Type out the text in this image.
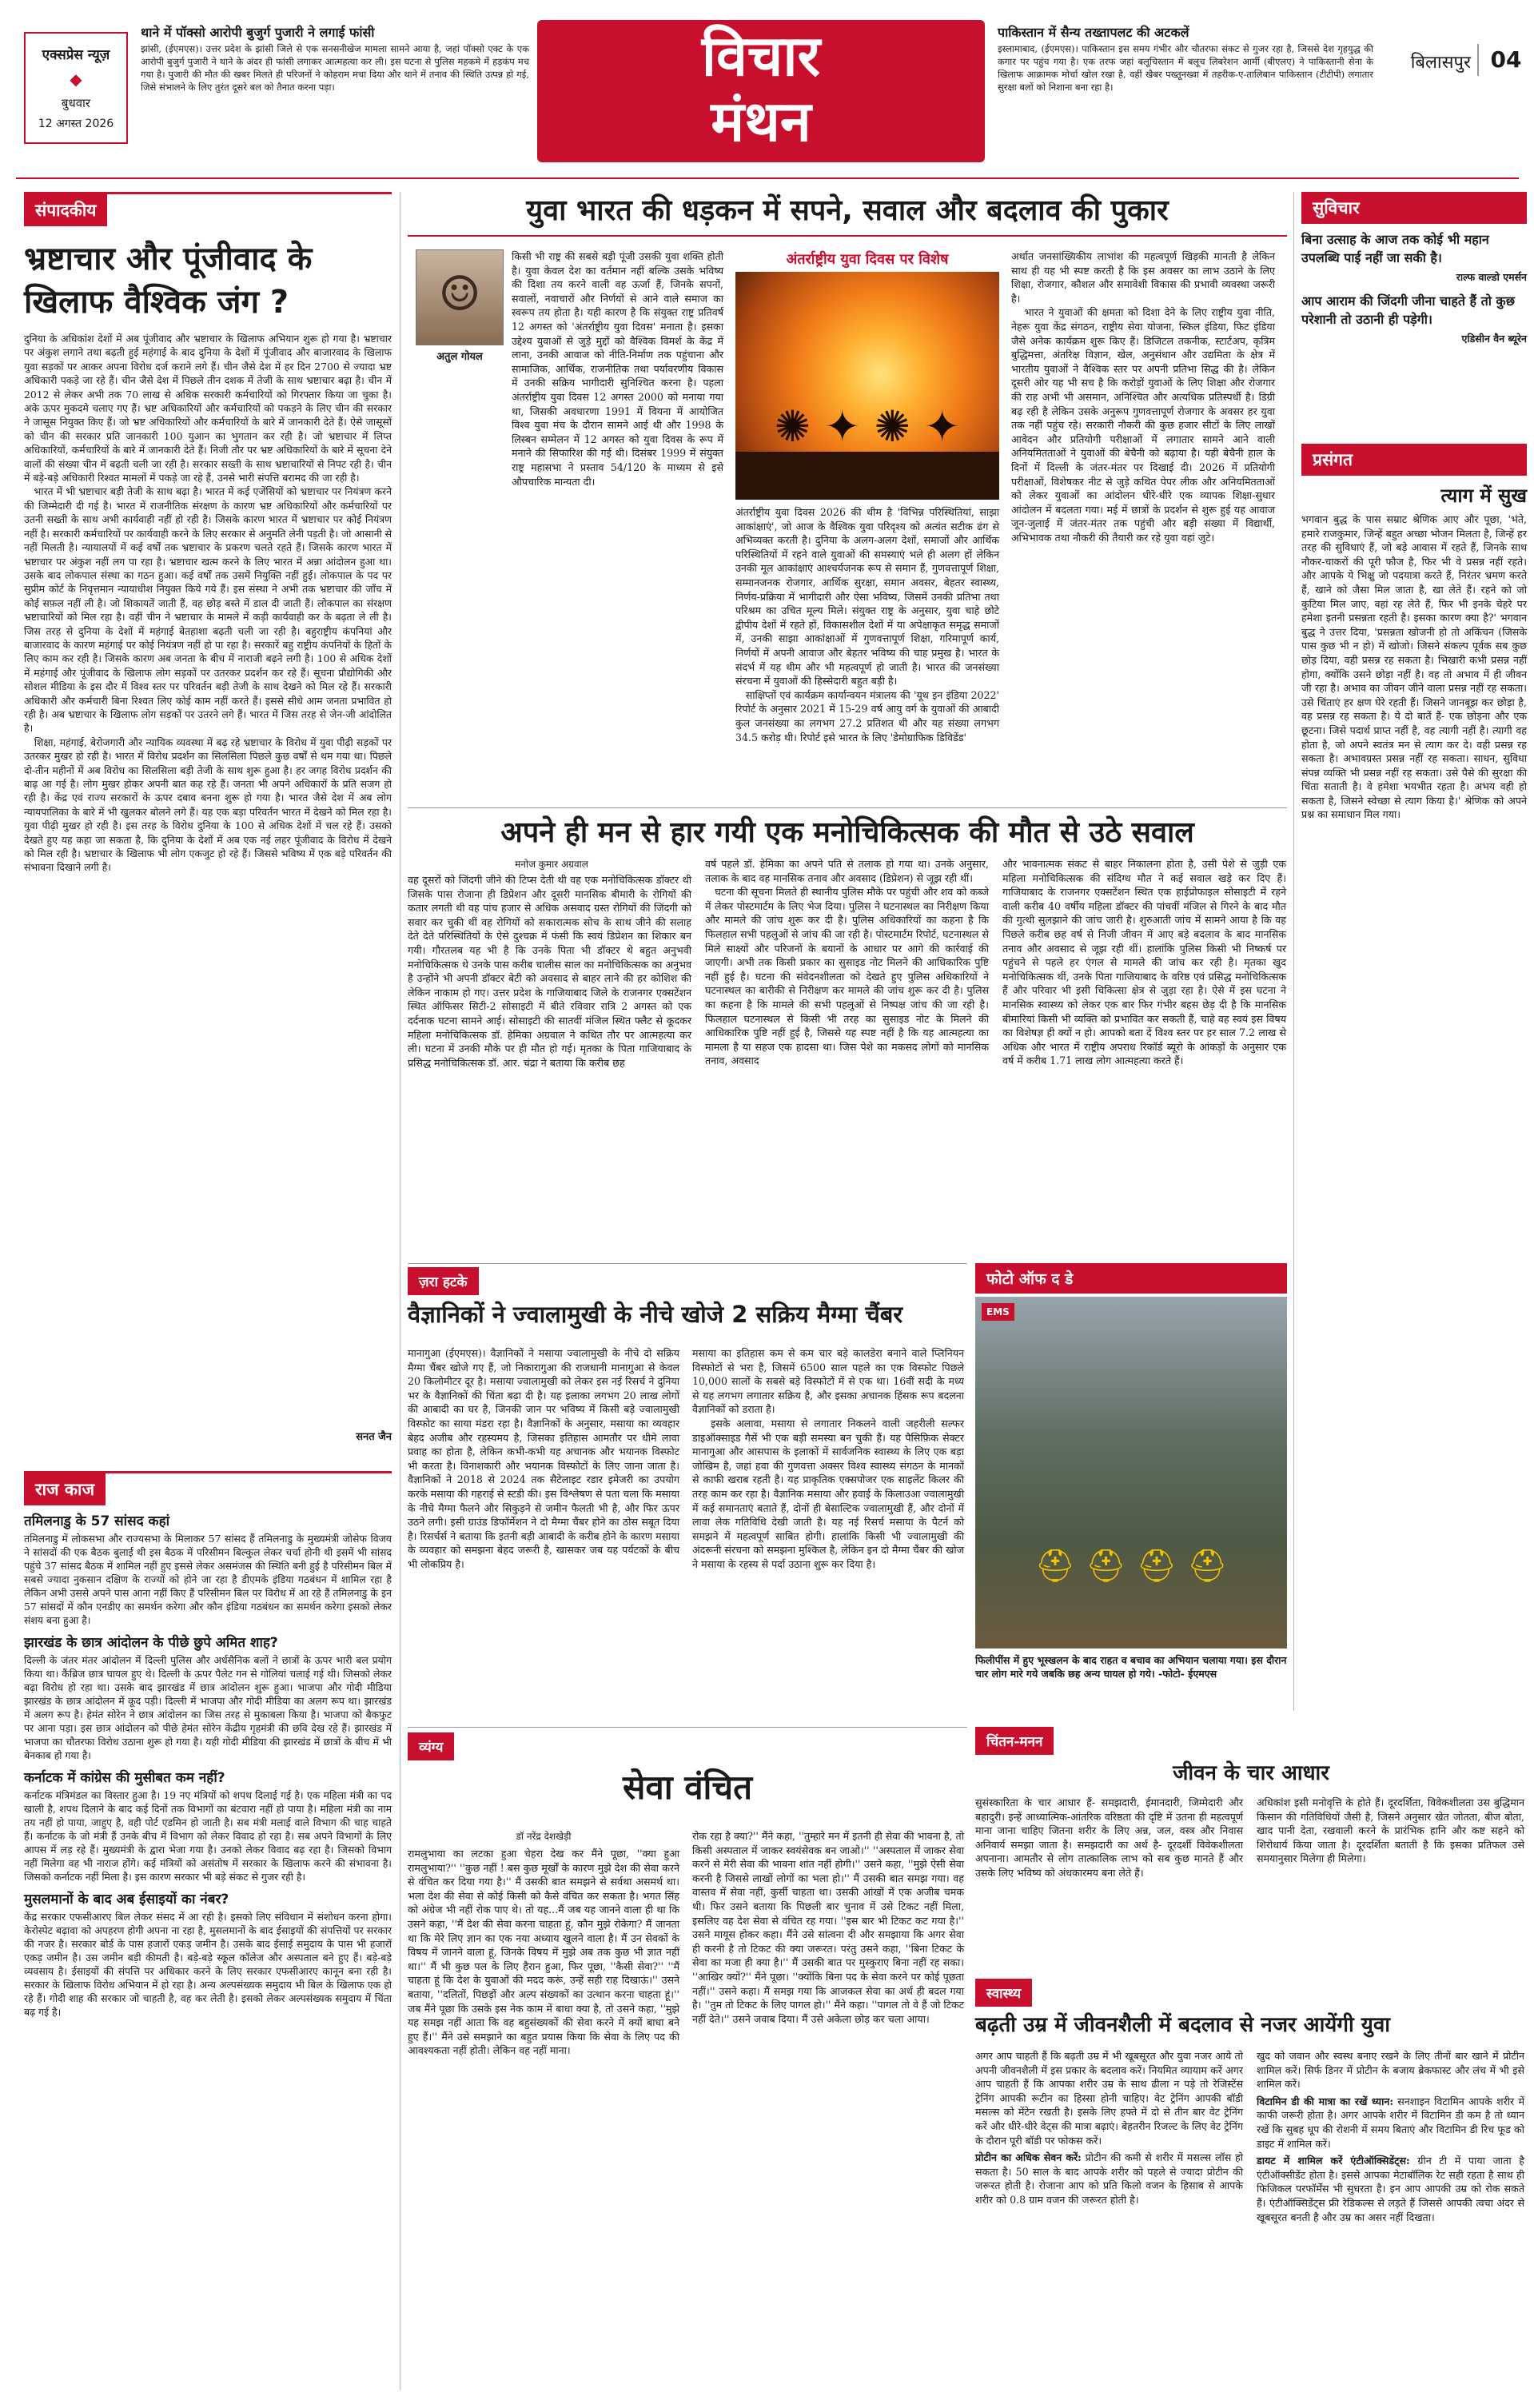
एक्सप्रेस न्यूज़
◆
बुधवार
12 अगस्त 2026
थाने में पॉक्सो आरोपी बुजुर्ग पुजारी ने लगाई फांसी
झांसी, (ईएमएस)। उत्तर प्रदेश के झांसी जिले से एक सनसनीखेज मामला सामने आया है, जहां पॉक्सो एक्ट के एक आरोपी बुजुर्ग पुजारी ने थाने के अंदर ही फांसी लगाकर आत्महत्या कर ली। इस घटना से पुलिस महकमे में हड़कंप मच गया है। पुजारी की मौत की खबर मिलते ही परिजनों ने कोहराम मचा दिया और थाने में तनाव की स्थिति उत्पन्न हो गई, जिसे संभालने के लिए तुरंत दूसरे बल को तैनात करना पड़ा।	विचार
मंथन
पाकिस्तान में सैन्य तख्तापलट की अटकलें
इस्लामाबाद, (ईएमएस)। पाकिस्तान इस समय गंभीर और चौतरफा संकट से गुजर रहा है, जिससे देश गृहयुद्ध की कगार पर पहुंच गया है। एक तरफ जहां बलूचिस्तान में बलूच लिबरेशन आर्मी (बीएलए) ने पाकिस्तानी सेना के खिलाफ आक्रामक मोर्चा खोल रखा है, वहीं खैबर पख्तूनख्वा में तहरीक-ए-तालिबान पाकिस्तान (टीटीपी) लगातार सुरक्षा बलों को निशाना बना रहा है।
बिलासपुर 04
संपादकीय
भ्रष्टाचार और पूंजीवाद के खिलाफ वैश्विक जंग ?
दुनिया के अधिकांश देशों में अब पूंजीवाद और भ्रष्टाचार के खिलाफ अभियान शुरू हो गया है। भ्रष्टाचार पर अंकुश लगाने तथा बढ़ती हुई महंगाई के बाद दुनिया के देशों में पूंजीवाद और बाजारवाद के खिलाफ युवा सड़कों पर आकर अपना विरोध दर्ज कराने लगे हैं। चीन जैसे देश में हर दिन 2700 से ज्यादा भ्रष्ट अधिकारी पकड़े जा रहे हैं। चीन जैसे देश में पिछले तीन दशक में तेजी के साथ भ्रष्टाचार बढ़ा है। चीन में 2012 से लेकर अभी तक 70 लाख से अधिक सरकारी कर्मचारियों को गिरफ्तार किया जा चुका है। अके ऊपर मुकदमे चलाए गए हैं। भ्रष्ट अधिकारियों और कर्मचारियों को पकड़ने के लिए चीन की सरकार ने जासूस नियुक्त किए हैं। जो भ्रष्ट अधिकारियों और कर्मचारियों के बारे में जानकारी देते हैं। ऐसे जासूसों को चीन की सरकार प्रति जानकारी 100 युआन का भुगतान कर रही है। जो भ्रष्टाचार में लिप्त अधिकारियों, कर्मचारियों के बारे में जानकारी देते हैं। निजी तौर पर भ्रष्ट अधिकारियों के बारे में सूचना देने वालों की संख्या चीन में बढ़ती चली जा रही है। सरकार सख्ती के साथ भ्रष्टाचारियों से निपट रही है। चीन में बड़े-बड़े अधिकारी रिश्वत मामलों में पकड़े जा रहे हैं, उनसे भारी संपत्ति बरामद की जा रही है।
भारत में भी भ्रष्टाचार बड़ी तेजी के साथ बढ़ा है। भारत में कई एजेंसियों को भ्रष्टाचार पर नियंत्रण करने की जिम्मेदारी दी गई है। भारत में राजनीतिक संरक्षण के कारण भ्रष्ट अधिकारियों और कर्मचारियों पर उतनी सख्ती के साथ अभी कार्यवाही नहीं हो रही है। जिसके कारण भारत में भ्रष्टाचार पर कोई नियंत्रण नहीं है। सरकारी कर्मचारियों पर कार्यवाही करने के लिए सरकार से अनुमति लेनी पड़ती है। जो आसानी से नहीं मिलती है। न्यायालयों में कई वर्षों तक भ्रष्टाचार के प्रकरण चलते रहते हैं। जिसके कारण भारत में भ्रष्टाचार पर अंकुश नहीं लग पा रहा है। भ्रष्टाचार खत्म करने के लिए भारत में अन्ना आंदोलन हुआ था। उसके बाद लोकपाल संस्था का गठन हुआ। कई वर्षों तक उसमें नियुक्ति नहीं हुई। लोकपाल के पद पर सुप्रीम कोर्ट के निवृत्तमान न्यायाधीश नियुक्त किये गये हैं। इस संस्था ने अभी तक भ्रष्टाचार की जाँच में कोई सफ़ल नहीं ली है। जो शिकायतें जाती हैं, वह छोड़ बस्ते में डाल दी जाती हैं। लोकपाल का संरक्षण भ्रष्टाचारियों को मिल रहा है। वहीं चीन ने भ्रष्टाचार के मामले में कड़ी कार्यवाही कर के बढ़ता ले ली है। जिस तरह से दुनिया के देशों में महंगाई बेतहाशा बढ़ती चली जा रही है। बहुराष्ट्रीय कंपनियां और बाजारवाद के कारण महंगाई पर कोई नियंत्रण नहीं हो पा रहा है। सरकारें बहु राष्ट्रीय कंपनियों के हितों के लिए काम कर रही है। जिसके कारण अब जनता के बीच में नाराजी बढ़ने लगी है। 100 से अधिक देशों में महंगाई और पूंजीवाद के खिलाफ लोग सड़कों पर उतरकर प्रदर्शन कर रहे हैं। सूचना प्रौद्योगिकी और सोशल मीडिया के इस दौर में विश्व स्तर पर परिवर्तन बड़ी तेजी के साथ देखने को मिल रहे हैं। सरकारी अधिकारी और कर्मचारी बिना रिश्वत लिए कोई काम नहीं करते हैं। इससे सीधे आम जनता प्रभावित हो रही है। अब भ्रष्टाचार के खिलाफ लोग सड़कों पर उतरने लगे हैं। भारत में जिस तरह से जेन-जी आंदोलित है।
शिक्षा, महंगाई, बेरोजगारी और न्यायिक व्यवस्था में बढ़ रहे भ्रष्टाचार के विरोध में युवा पीढ़ी सड़कों पर उतरकर मुखर हो रही है। भारत में विरोध प्रदर्शन का सिलसिला पिछले कुछ वर्षों से थम गया था। पिछले दो-तीन महीनों में अब विरोध का सिलसिला बड़ी तेजी के साथ शुरू हुआ है। हर जगह विरोध प्रदर्शन की बाढ़ आ गई है। लोग मुखर होकर अपनी बात कह रहे हैं। जनता भी अपने अधिकारों के प्रति सजग हो रही है। केंद्र एवं राज्य सरकारों के ऊपर दबाव बनना शुरू हो गया है। भारत जैसे देश में अब लोग न्यायपालिका के बारे में भी खुलकर बोलने लगे हैं। यह एक बड़ा परिवर्तन भारत में देखने को मिल रहा है। युवा पीढ़ी मुखर हो रही है। इस तरह के विरोध दुनिया के 100 से अधिक देशों में चल रहे हैं। उसको देखते हुए यह कहा जा सकता है, कि दुनिया के देशों में अब एक नई लहर पूंजीवाद के विरोध में देखने को मिल रही है। भ्रष्टाचार के खिलाफ भी लोग एकजुट हो रहे हैं। जिससे भविष्य में एक बड़े परिवर्तन की संभावना दिखाने लगी है।
सनत जैन
राज काज
तमिलनाडु के 57 सांसद कहां
तमिलनाडु में लोकसभा और राज्यसभा के मिलाकर 57 सांसद हैं तमिलनाडु के मुख्यमंत्री जोसेफ विजय ने सांसदों की एक बैठक बुलाई थी इस बैठक में परिसीमन बिल्कुल लेकर चर्चा होनी थी इसमें भी सांसद पहुंचे 37 सांसद बैठक में शामिल नहीं हुए इससे लेकर असमंजस की स्थिति बनी हुई है परिसीमन बिल में सबसे ज्यादा नुकसान दक्षिण के राज्यों को होने जा रहा है डीएमके इंडिया गठबंधन में शामिल रहा है लेकिन अभी उससे अपने पास आना नहीं किए हैं परिसीमन बिल पर विरोध में आ रहे हैं तमिलनाडु के इन 57 सांसदों में कौन एनडीए का समर्थन करेगा और कौन इंडिया गठबंधन का समर्थन करेगा इसको लेकर संशय बना हुआ है।
झारखंड के छात्र आंदोलन के पीछे छुपे अमित शाह?
दिल्ली के जंतर मंतर आंदोलन में दिल्ली पुलिस और अर्धसैनिक बलों ने छात्रों के ऊपर भारी बल प्रयोग किया था। कैंब्रिज छात्र घायल हुए थे। दिल्ली के ऊपर पैलेट गन से गोलियां चलाई गई थी। जिसको लेकर बढ़ा विरोध हो रहा था। उसके बाद झारखंड में छात्र आंदोलन शुरू हुआ। भाजपा और गोदी मीडिया झारखंड के छात्र आंदोलन में कूद पड़ी। दिल्ली में भाजपा और गोदी मीडिया का अलग रूप था। झारखंड में अलग रूप है। हेमंत सोरेन ने छात्र आंदोलन का जिस तरह से मुकाबला किया है। भाजपा को बैकफुट पर आना पड़ा। इस छात्र आंदोलन को पीछे हेमंत सोरेन केंद्रीय गृहमंत्री की छवि देख रहे हैं। झारखंड में भाजपा का चौतरफा विरोध उठाना शुरू हो गया है। यही गोदी मीडिया की झारखंड में छात्रों के बीच में भी बेनकाब हो गया है।
कर्नाटक में कांग्रेस की मुसीबत कम नहीं?
कर्नाटक मंत्रिमंडल का विस्तार हुआ है। 19 नए मंत्रियों को शपथ दिलाई गई है। एक महिला मंत्री का पद खाली है, शपथ दिलाने के बाद कई दिनों तक विभागों का बंटवारा नहीं हो पाया है। महिला मंत्री का नाम तय नहीं हो पाया, जाहुए है, वही पोर्ट एडमिन हो जाती है। सब मंत्री मलाई वाले विभाग की चाह चाहते हैं। कर्नाटक के जो मंत्री हैं उनके बीच में विभाग को लेकर विवाद हो रहा है। सब अपने विभागों के लिए आपस में लड़ रहे हैं। मुख्यमंत्री के द्वारा भेजा गया है। उनको लेकर विवाद बढ़ रहा है। जिसको विभाग नहीं मिलेगा वह भी नाराज होंगे। कई मंत्रियों को असंतोष में सरकार के खिलाफ करने की संभावना है। जिसको कर्नाटक नहीं मिला है। इस कारण सरकार भी बड़े संकट से गुजर रही है।
मुसलमानों के बाद अब ईसाइयों का नंबर?
केंद्र सरकार एफसीआरए बिल लेकर संसद में आ रही है। इसको लिए संविधान में संशोधन करना होगा। केरोस्पेट बढ़ावा को अपहरण होगी अपना ना रहा है, मुसलमानों के बाद ईसाइयों की संपत्तियों पर सरकार की नजर है। सरकार बोर्ड के पास हजारों एकड़ जमीन है। उसके बाद ईसाई समुदाय के पास भी हजारों एकड़ जमीन है। उस जमीन बड़ी कीमती है। बड़े-बड़े स्कूल कॉलेज और अस्पताल बने हुए हैं। बड़े-बड़े व्यवसाय है। ईसाइयों की संपत्ति पर अधिकार करने के लिए सरकार एफसीआरए कानून बना रही है। सरकार के खिलाफ विरोध अभियान में हो रहा है। अन्य अल्पसंख्यक समुदाय भी बिल के खिलाफ एक हो रहे हैं। गोदी शाह की सरकार जो चाहती है, वह कर लेती है। इसको लेकर अल्पसंख्यक समुदाय में चिंता बढ़ गई है।
युवा भारत की धड़कन में सपने, सवाल और बदलाव की पुकार
☺
अतुल गोयल
किसी भी राष्ट्र की सबसे बड़ी पूंजी उसकी युवा शक्ति होती है। युवा केवल देश का वर्तमान नहीं बल्कि उसके भविष्य की दिशा तय करने वाली वह ऊर्जा हैं, जिनके सपनों, सवालों, नवाचारों और निर्णयों से आने वाले समाज का स्वरूप तय होता है। यही कारण है कि संयुक्त राष्ट्र प्रतिवर्ष 12 अगस्त को 'अंतर्राष्ट्रीय युवा दिवस' मनाता है। इसका उद्देश्य युवाओं से जुड़े मुद्दों को वैश्विक विमर्श के केंद्र में लाना, उनकी आवाज को नीति-निर्माण तक पहुंचाना और सामाजिक, आर्थिक, राजनीतिक तथा पर्यावरणीय विकास में उनकी सक्रिय भागीदारी सुनिश्चित करना है। पहला अंतर्राष्ट्रीय युवा दिवस 12 अगस्त 2000 को मनाया गया था, जिसकी अवधारणा 1991 में वियना में आयोजित विश्व युवा मंच के दौरान सामने आई थी और 1998 के लिस्बन सम्मेलन में 12 अगस्त को युवा दिवस के रूप में मनाने की सिफारिश की गई थी। दिसंबर 1999 में संयुक्त राष्ट्र महासभा ने प्रस्ताव 54/120 के माध्यम से इसे औपचारिक मान्यता दी।
अंतर्राष्ट्रीय युवा दिवस पर विशेष
✺ ✦ ✺ ✦
अंतर्राष्ट्रीय युवा दिवस 2026 की थीम है 'विभिन्न परिस्थितियां, साझा आकांक्षाएं', जो आज के वैश्विक युवा परिदृश्य को अत्यंत सटीक ढंग से अभिव्यक्त करती है। दुनिया के अलग-अलग देशों, समाजों और आर्थिक परिस्थितियों में रहने वाले युवाओं की समस्याएं भले ही अलग हों लेकिन उनकी मूल आकांक्षाएं आश्चर्यजनक रूप से समान हैं, गुणवत्तापूर्ण शिक्षा, सम्मानजनक रोजगार, आर्थिक सुरक्षा, समान अवसर, बेहतर स्वास्थ्य, निर्णय-प्रक्रिया में भागीदारी और ऐसा भविष्य, जिसमें उनकी प्रतिभा तथा परिश्रम का उचित मूल्य मिले। संयुक्त राष्ट्र के अनुसार, युवा चाहे छोटे द्वीपीय देशों में रहते हों, विकासशील देशों में या अपेक्षाकृत समृद्ध समाजों में, उनकी साझा आकांक्षाओं में गुणवत्तापूर्ण शिक्षा, गरिमापूर्ण कार्य, निर्णयों में अपनी आवाज और बेहतर भविष्य की चाह प्रमुख है। भारत के संदर्भ में यह थीम और भी महत्वपूर्ण हो जाती है। भारत की जनसंख्या संरचना में युवाओं की हिस्सेदारी बहुत बड़ी है।
साक्षिप्तों एवं कार्यक्रम कार्यान्वयन मंत्रालय की 'यूथ इन इंडिया 2022' रिपोर्ट के अनुसार 2021 में 15-29 वर्ष आयु वर्ग के युवाओं की आबादी कुल जनसंख्या का लगभग 27.2 प्रतिशत थी और यह संख्या लगभग 34.5 करोड़ थी। रिपोर्ट इसे भारत के लिए 'डेमोग्राफिक डिविडेंड'
अर्थात जनसांख्यिकीय लाभांश की महत्वपूर्ण खिड़की मानती है लेकिन साथ ही यह भी स्पष्ट करती है कि इस अवसर का लाभ उठाने के लिए शिक्षा, रोजगार, कौशल और समावेशी विकास की प्रभावी व्यवस्था जरूरी है।
भारत ने युवाओं की क्षमता को दिशा देने के लिए राष्ट्रीय युवा नीति, नेहरू युवा केंद्र संगठन, राष्ट्रीय सेवा योजना, स्किल इंडिया, फिट इंडिया जैसे अनेक कार्यक्रम शुरू किए हैं। डिजिटल तकनीक, स्टार्टअप, कृत्रिम बुद्धिमत्ता, अंतरिक्ष विज्ञान, खेल, अनुसंधान और उद्यमिता के क्षेत्र में भारतीय युवाओं ने वैश्विक स्तर पर अपनी प्रतिभा सिद्ध की है। लेकिन दूसरी ओर यह भी सच है कि करोड़ों युवाओं के लिए शिक्षा और रोजगार की राह अभी भी असमान, अनिश्चित और अत्यधिक प्रतिस्पर्धी है। डिग्री बढ़ रही है लेकिन उसके अनुरूप गुणवत्तापूर्ण रोजगार के अवसर हर युवा तक नहीं पहुंच रहे। सरकारी नौकरी की कुछ हजार सीटों के लिए लाखों आवेदन और प्रतियोगी परीक्षाओं में लगातार सामने आने वाली अनियमितताओं ने युवाओं की बेचैनी को बढ़ाया है। यही बेचैनी हाल के दिनों में दिल्ली के जंतर-मंतर पर दिखाई दी। 2026 में प्रतियोगी परीक्षाओं, विशेषकर नीट से जुड़े कथित पेपर लीक और अनियमितताओं को लेकर युवाओं का आंदोलन धीरे-धीरे एक व्यापक शिक्षा-सुधार आंदोलन में बदलता गया। मई में छात्रों के प्रदर्शन से शुरू हुई यह आवाज जून-जुलाई में जंतर-मंतर तक पहुंची और बड़ी संख्या में विद्यार्थी, अभिभावक तथा नौकरी की तैयारी कर रहे युवा वहां जुटे।
अपने ही मन से हार गयी एक मनोचिकित्सक की मौत से उठे सवाल
मनोज कुमार अग्रवाल
वह दूसरों को जिंदगी जीने की टिप्स देती थी वह एक मनोचिकित्सक डॉक्टर थी जिसके पास रोजाना ही डिप्रेशन और दूसरी मानसिक बीमारी के रोगियों की कतार लगती थी वह पांच हजार से अधिक असवाद ग्रस्त रोगियों की जिंदगी को सवार कर चुकी थीं वह रोगियों को सकारात्मक सोच के साथ जीने की सलाह देते देते परिस्थितियों के ऐसे दुश्चक्र में फंसी कि स्वयं डिप्रेशन का शिकार बन गयी। गौरतलब यह भी है कि उनके पिता भी डॉक्टर थे बहुत अनुभवी मनोचिकित्सक थे उनके पास करीब चालीस साल का मनोचिकित्सक का अनुभव है उन्होंने भी अपनी डॉक्टर बेटी को अवसाद से बाहर लाने की हर कोशिश की लेकिन नाकाम हो गए। उत्तर प्रदेश के गाजियाबाद जिले के राजनगर एक्सटेंशन स्थित ऑफिसर सिटी-2 सोसाइटी में बीते रविवार रात्रि 2 अगस्त को एक दर्दनाक घटना सामने आई। सोसाइटी की सातवीं मंजिल स्थित फ्लैट से कूदकर महिला मनोचिकित्सक डॉ. हेमिका अग्रवाल ने कथित तौर पर आत्महत्या कर ली। घटना में उनकी मौके पर ही मौत हो गई। मृतका के पिता गाजियाबाद के प्रसिद्ध मनोचिकित्सक डॉ. आर. चंद्रा ने बताया कि करीब छह
वर्ष पहले डॉ. हेमिका का अपने पति से तलाक हो गया था। उनके अनुसार, तलाक के बाद वह मानसिक तनाव और अवसाद (डिप्रेशन) से जूझ रही थीं।
घटना की सूचना मिलते ही स्थानीय पुलिस मौके पर पहुंची और शव को कब्जे में लेकर पोस्टमार्टम के लिए भेज दिया। पुलिस ने घटनास्थल का निरीक्षण किया और मामले की जांच शुरू कर दी है। पुलिस अधिकारियों का कहना है कि फिलहाल सभी पहलुओं से जांच की जा रही है। पोस्टमार्टम रिपोर्ट, घटनास्थल से मिले साक्ष्यों और परिजनों के बयानों के आधार पर आगे की कार्रवाई की जाएगी। अभी तक किसी प्रकार का सुसाइड नोट मिलने की आधिकारिक पुष्टि नहीं हुई है। घटना की संवेदनशीलता को देखते हुए पुलिस अधिकारियों ने घटनास्थल का बारीकी से निरीक्षण कर मामले की जांच शुरू कर दी है। पुलिस का कहना है कि मामले की सभी पहलुओं से निष्पक्ष जांच की जा रही है। फिलहाल घटनास्थल से किसी भी तरह का सुसाइड नोट के मिलने की आधिकारिक पुष्टि नहीं हुई है, जिससे यह स्पष्ट नहीं है कि यह आत्महत्या का मामला है या सहज एक हादसा था। जिस पेशे का मकसद लोगों को मानसिक तनाव, अवसाद
और भावनात्मक संकट से बाहर निकालना होता है, उसी पेशे से जुड़ी एक महिला मनोचिकित्सक की संदिग्ध मौत ने कई सवाल खड़े कर दिए हैं। गाजियाबाद के राजनगर एक्सटेंशन स्थित एक हाईप्रोफाइल सोसाइटी में रहने वाली करीब 40 वर्षीय महिला डॉक्टर की पांचवीं मंजिल से गिरने के बाद मौत की गुत्थी सुलझाने की जांच जारी है। शुरुआती जांच में सामने आया है कि वह पिछले करीब छह वर्ष से निजी जीवन में आए बड़े बदलाव के बाद मानसिक तनाव और अवसाद से जूझ रही थीं। हालांकि पुलिस किसी भी निष्कर्ष पर पहुंचने से पहले हर एंगल से मामले की जांच कर रही है। मृतका खुद मनोचिकित्सक थीं, उनके पिता गाजियाबाद के वरिष्ठ एवं प्रसिद्ध मनोचिकित्सक हैं और परिवार भी इसी चिकित्सा क्षेत्र से जुड़ा रहा है। ऐसे में इस घटना ने मानसिक स्वास्थ्य को लेकर एक बार फिर गंभीर बहस छेड़ दी है कि मानसिक बीमारियां किसी भी व्यक्ति को प्रभावित कर सकती हैं, चाहे वह स्वयं इस विषय का विशेषज्ञ ही क्यों न हो। आपको बता दें विश्व स्तर पर हर साल 7.2 लाख से अधिक और भारत में राष्ट्रीय अपराध रिकॉर्ड ब्यूरो के आंकड़ों के अनुसार एक वर्ष में करीब 1.71 लाख लोग आत्महत्या करते हैं।
ज़रा हटके
वैज्ञानिकों ने ज्वालामुखी के नीचे खोजे 2 सक्रिय मैग्मा चैंबर
मानागुआ (ईएमएस)। वैज्ञानिकों ने मसाया ज्वालामुखी के नीचे दो सक्रिय मैग्मा चैंबर खोजे गए हैं, जो निकारागुआ की राजधानी मानागुआ से केवल 20 किलोमीटर दूर है। मसाया ज्वालामुखी को लेकर इस नई रिसर्च ने दुनिया भर के वैज्ञानिकों की चिंता बढ़ा दी है। यह इलाका लगभग 20 लाख लोगों की आबादी का घर है, जिनकी जान पर भविष्य में किसी बड़े ज्वालामुखी विस्फोट का साया मंडरा रहा है। वैज्ञानिकों के अनुसार, मसाया का व्यवहार बेहद अजीब और रहस्यमय है, जिसका इतिहास आमतौर पर धीमे लावा प्रवाह का होता है, लेकिन कभी-कभी यह अचानक और भयानक विस्फोट भी करता है। विनाशकारी और भयानक विस्फोटों के लिए जाना जाता है। वैज्ञानिकों ने 2018 से 2024 तक सैटेलाइट रडार इमेजरी का उपयोग करके मसाया की गहराई से स्टडी की। इस विश्लेषण से पता चला कि मसाया के नीचे मैग्मा फैलने और सिकुड़ने से जमीन फैलती भी है, और फिर ऊपर उठने लगी। इसी ग्राउंड डिफॉर्मेशन ने दो मैग्मा चैंबर होने का ठोस सबूत दिया है। रिसर्चर्स ने बताया कि इतनी बड़ी आबादी के करीब होने के कारण मसाया के व्यवहार को समझना बेहद जरूरी है, खासकर जब यह पर्यटकों के बीच भी लोकप्रिय है।
मसाया का इतिहास कम से कम चार बड़े कालडेरा बनाने वाले प्लिनियन विस्फोटों से भरा है, जिसमें 6500 साल पहले का एक विस्फोट पिछले 10,000 सालों के सबसे बड़े विस्फोटों में से एक था। 16वीं सदी के मध्य से यह लगभग लगातार सक्रिय है, और इसका अचानक हिंसक रूप बदलना वैज्ञानिकों को डराता है।
इसके अलावा, मसाया से लगातार निकलने वाली जहरीली सल्फर डाइऑक्साइड गैसें भी एक बड़ी समस्या बन चुकी हैं। यह पैसिफ़िक सेक्टर मानागुआ और आसपास के इलाकों में सार्वजनिक स्वास्थ्य के लिए एक बड़ा जोखिम है, जहां हवा की गुणवत्ता अक्सर विश्व स्वास्थ्य संगठन के मानकों से काफी खराब रहती है। यह प्राकृतिक एक्सपोजर एक साइलेंट किलर की तरह काम कर रहा है। वैज्ञानिक मसाया और हवाई के किलाउआ ज्वालामुखी में कई समानताएं बताते हैं, दोनों ही बेसाल्टिक ज्वालामुखी हैं, और दोनों में लावा लेक गतिविधि देखी जाती है। यह नई रिसर्च मसाया के पैटर्न को समझने में महत्वपूर्ण साबित होगी। हालांकि किसी भी ज्वालामुखी की अंदरूनी संरचना को समझना मुश्किल है, लेकिन इन दो मैग्मा चैंबर की खोज ने मसाया के रहस्य से पर्दा उठाना शुरू कर दिया है।
फोटो ऑफ द डे
EMS
⛑ ⛑ ⛑ ⛑
फिलीपींस में हुए भूस्खलन के बाद राहत व बचाव का अभियान चलाया गया। इस दौरान चार लोग मारे गये जबकि छह अन्य घायल हो गये। -फोटो- ईएमएस
व्यंग्य
सेवा वंचित
डॉ नरेंद्र देशखेड़ी
रामलुभाया का लटका हुआ चेहरा देख कर मैंने पूछा, ''क्या हुआ रामलुभाया?'' ''कुछ नहीं ! बस कुछ मूर्खों के कारण मुझे देश की सेवा करने से वंचित कर दिया गया है।'' मैं उसकी बात समझने से सर्वथा असमर्थ था। भला देश की सेवा से कोई किसी को कैसे वंचित कर सकता है। भगत सिंह को अंग्रेज भी नहीं रोक पाए थे। तो यह...मैं जब यह जानने वाला ही था कि उसने कहा, ''मैं देश की सेवा करना चाहता हूं, कौन मुझे रोकेगा? मैं जानता था कि मेरे लिए ज्ञान का एक नया अध्याय खुलने वाला है। मैं उन सेवकों के विषय में जानने वाला हूं, जिनके विषय में मुझे अब तक कुछ भी ज्ञात नहीं था।'' मैं भी कुछ पल के लिए हैरान हुआ, फिर पूछा, ''कैसी सेवा?'' ''मैं चाहता हूं कि देश के युवाओं की मदद करूं, उन्हें सही राह दिखाऊं।'' उसने बताया, ''दलितों, पिछड़ों और अल्प संख्यकों का उत्थान करना चाहता हूं।'' जब मैंने पूछा कि उसके इस नेक काम में बाधा क्या है, तो उसने कहा, ''मुझे यह समझ नहीं आता कि वह बहुसंख्यकों की सेवा करने में क्यों बाधा बने हुए हैं।'' मैंने उसे समझाने का बहुत प्रयास किया कि सेवा के लिए पद की आवश्यकता नहीं होती। लेकिन वह नहीं माना।
रोक रहा है क्या?'' मैंने कहा, ''तुम्हारे मन में इतनी ही सेवा की भावना है, तो किसी अस्पताल में जाकर स्वयंसेवक बन जाओ।'' ''अस्पताल में जाकर सेवा करने से मेरी सेवा की भावना शांत नहीं होगी।'' उसने कहा, ''मुझे ऐसी सेवा करनी है जिससे लाखों लोगों का भला हो।'' मैं उसकी बात समझ गया। वह वास्तव में सेवा नहीं, कुर्सी चाहता था। उसकी आंखों में एक अजीब चमक थी। फिर उसने बताया कि पिछली बार चुनाव में उसे टिकट नहीं मिला, इसलिए वह देश सेवा से वंचित रह गया। ''इस बार भी टिकट कट गया है।'' उसने मायूस होकर कहा। मैंने उसे सांत्वना दी और समझाया कि अगर सेवा ही करनी है तो टिकट की क्या जरूरत। परंतु उसने कहा, ''बिना टिकट के सेवा का मजा ही क्या है।'' मैं उसकी बात पर मुस्कुराए बिना नहीं रह सका। ''आखिर क्यों?'' मैंने पूछा। ''क्योंकि बिना पद के सेवा करने पर कोई पूछता नहीं।'' उसने कहा। मैं समझ गया कि आजकल सेवा का अर्थ ही बदल गया है। ''तुम तो टिकट के लिए पागल हो।'' मैंने कहा। ''पागल तो वे हैं जो टिकट नहीं देते।'' उसने जवाब दिया। मैं उसे अकेला छोड़ कर चला आया।
चिंतन-मनन
जीवन के चार आधार
सुसंस्कारिता के चार आधार हैं- समझदारी, ईमानदारी, जिम्मेदारी और बहादुरी। इन्हें आध्यात्मिक-आंतरिक वरिष्ठता की दृष्टि में उतना ही महत्वपूर्ण माना जाना चाहिए जितना शरीर के लिए अन्न, जल, वस्त्र और निवास अनिवार्य समझा जाता है। समझदारी का अर्थ है- दूरदर्शी विवेकशीलता अपनाना। आमतौर से लोग तात्कालिक लाभ को सब कुछ मानते हैं और उसके लिए भविष्य को अंधकारमय बना लेते हैं।
अधिकांश इसी मनोवृत्ति के होते हैं। दूरदर्शिता, विवेकशीलता उस बुद्धिमान किसान की गतिविधियों जैसी है, जिसने अनुसार खेत जोतता, बीज बोता, खाद पानी देता, रखवाली करने के प्रारंभिक हानि और कष्ट सहने को शिरोधार्य किया जाता है। दूरदर्शिता बताती है कि इसका प्रतिफल उसे समयानुसार मिलेगा ही मिलेगा।
स्वास्थ्य
बढ़ती उम्र में जीवनशैली में बदलाव से नजर आयेंगी युवा
अगर आप चाहती हैं कि बढ़ती उम्र में भी खूबसूरत और युवा नजर आये तो अपनी जीवनशैली में इस प्रकार के बदलाव करें। नियमित व्यायाम करें अगर आप चाहती हैं कि आपका शरीर उम्र के साथ ढीला न पड़े तो रेजिस्टेंस ट्रेनिंग आपकी रूटीन का हिस्सा होनी चाहिए। वेट ट्रेनिंग आपकी बॉडी मसल्स को मेंटेन रखती है। इसके लिए हफ्ते में दो से तीन बार वेट ट्रेनिंग करें और धीरे-धीरे वेट्स की मात्रा बढ़ाएं। बेहतरीन रिजल्ट के लिए वेट ट्रेनिंग के दौरान पूरी बॉडी पर फोकस करें।
प्रोटीन का अधिक सेवन करें: प्रोटीन की कमी से शरीर में मसल्स लॉस हो सकता है। 50 साल के बाद आपके शरीर को पहले से ज्यादा प्रोटीन की जरूरत होती है। रोजाना आप को प्रति किलो वजन के हिसाब से आपके शरीर को 0.8 ग्राम वजन की जरूरत होती है।
खुद को जवान और स्वस्थ बनाए रखने के लिए तीनों बार खाने में प्रोटीन शामिल करें। सिर्फ डिनर में प्रोटीन के बजाय ब्रेकफास्ट और लंच में भी इसे शामिल करें।
विटामिन डी की मात्रा का रखें ध्यान: सनशाइन विटामिन आपके शरीर में काफी जरूरी होता है। अगर आपके शरीर में विटामिन डी कम है तो ध्यान रखें कि सुबह धूप की रोशनी में समय बिताएं और विटामिन डी रिच फूड को डाइट में शामिल करें।
डायट में शामिल करें एंटीऑक्सिडेंट्स: ग्रीन टी में पाया जाता है एंटीऑक्सीडेंट होता है। इससे आपका मेटाबॉलिक रेट सही रहता है साथ ही फिजिकल परफॉर्मेंस भी सुधरता है। इन आप आपकी उम्र को रोक सकते हैं। एंटीऑक्सिडेंट्स फ्री रेडिकल्स से लड़ते हैं जिससे आपकी त्वचा अंदर से खूबसूरत बनती है और उम्र का असर नहीं दिखता।
सुविचार
बिना उत्साह के आज तक कोई भी महान उपलब्धि पाई नहीं जा सकी है।
राल्फ वाल्डो एमर्सन
आप आराम की जिंदगी जीना चाहते हैं तो कुछ परेशानी तो उठानी ही पड़ेगी।
एडिसीन वैन ब्यूरेन
प्रसंगत
त्याग में सुख
भगवान बुद्ध के पास सम्राट श्रेणिक आए और पूछा, 'भंते, हमारे राजकुमार, जिन्हें बहुत अच्छा भोजन मिलता है, जिन्हें हर तरह की सुविधाएं हैं, जो बड़े आवास में रहते हैं, जिनके साथ नौकर-चाकरों की पूरी फौज है, फिर भी वे प्रसन्न नहीं रहते। और आपके ये भिक्षु जो पदयात्रा करते हैं, निरंतर भ्रमण करते हैं, खाने को जैसा मिल जाता है, खा लेते हैं। रहने को जो कुटिया मिल जाए, वहां रह लेते हैं, फिर भी इनके चेहरे पर हमेशा इतनी प्रसन्नता रहती है। इसका कारण क्या है?' भगवान बुद्ध ने उत्तर दिया, 'प्रसन्नता खोजनी हो तो अकिंचन (जिसके पास कुछ भी न हो) में खोजो। जिसने संकल्प पूर्वक सब कुछ छोड़ दिया, वही प्रसन्न रह सकता है। भिखारी कभी प्रसन्न नहीं होगा, क्योंकि उसने छोड़ा नहीं है। वह तो अभाव में ही जीवन जी रहा है। अभाव का जीवन जीने वाला प्रसन्न नहीं रह सकता। उसे चिंताएं हर क्षण घेरे रहती हैं। जिसने जानबूझ कर छोड़ा है, वह प्रसन्न रह सकता है। ये दो बातें हैं- एक छोड़ना और एक छूटना। जिसे पदार्थ प्राप्त नहीं है, वह त्यागी नहीं है। त्यागी वह होता है, जो अपने स्वतंत्र मन से त्याग कर दे। वही प्रसन्न रह सकता है। अभावग्रस्त प्रसन्न नहीं रह सकता। साधन, सुविधा संपन्न व्यक्ति भी प्रसन्न नहीं रह सकता। उसे पैसे की सुरक्षा की चिंता सताती है। वे हमेशा भयभीत रहता है। अभय वही हो सकता है, जिसने स्वेच्छा से त्याग किया है।' श्रेणिक को अपने प्रश्न का समाधान मिल गया।
